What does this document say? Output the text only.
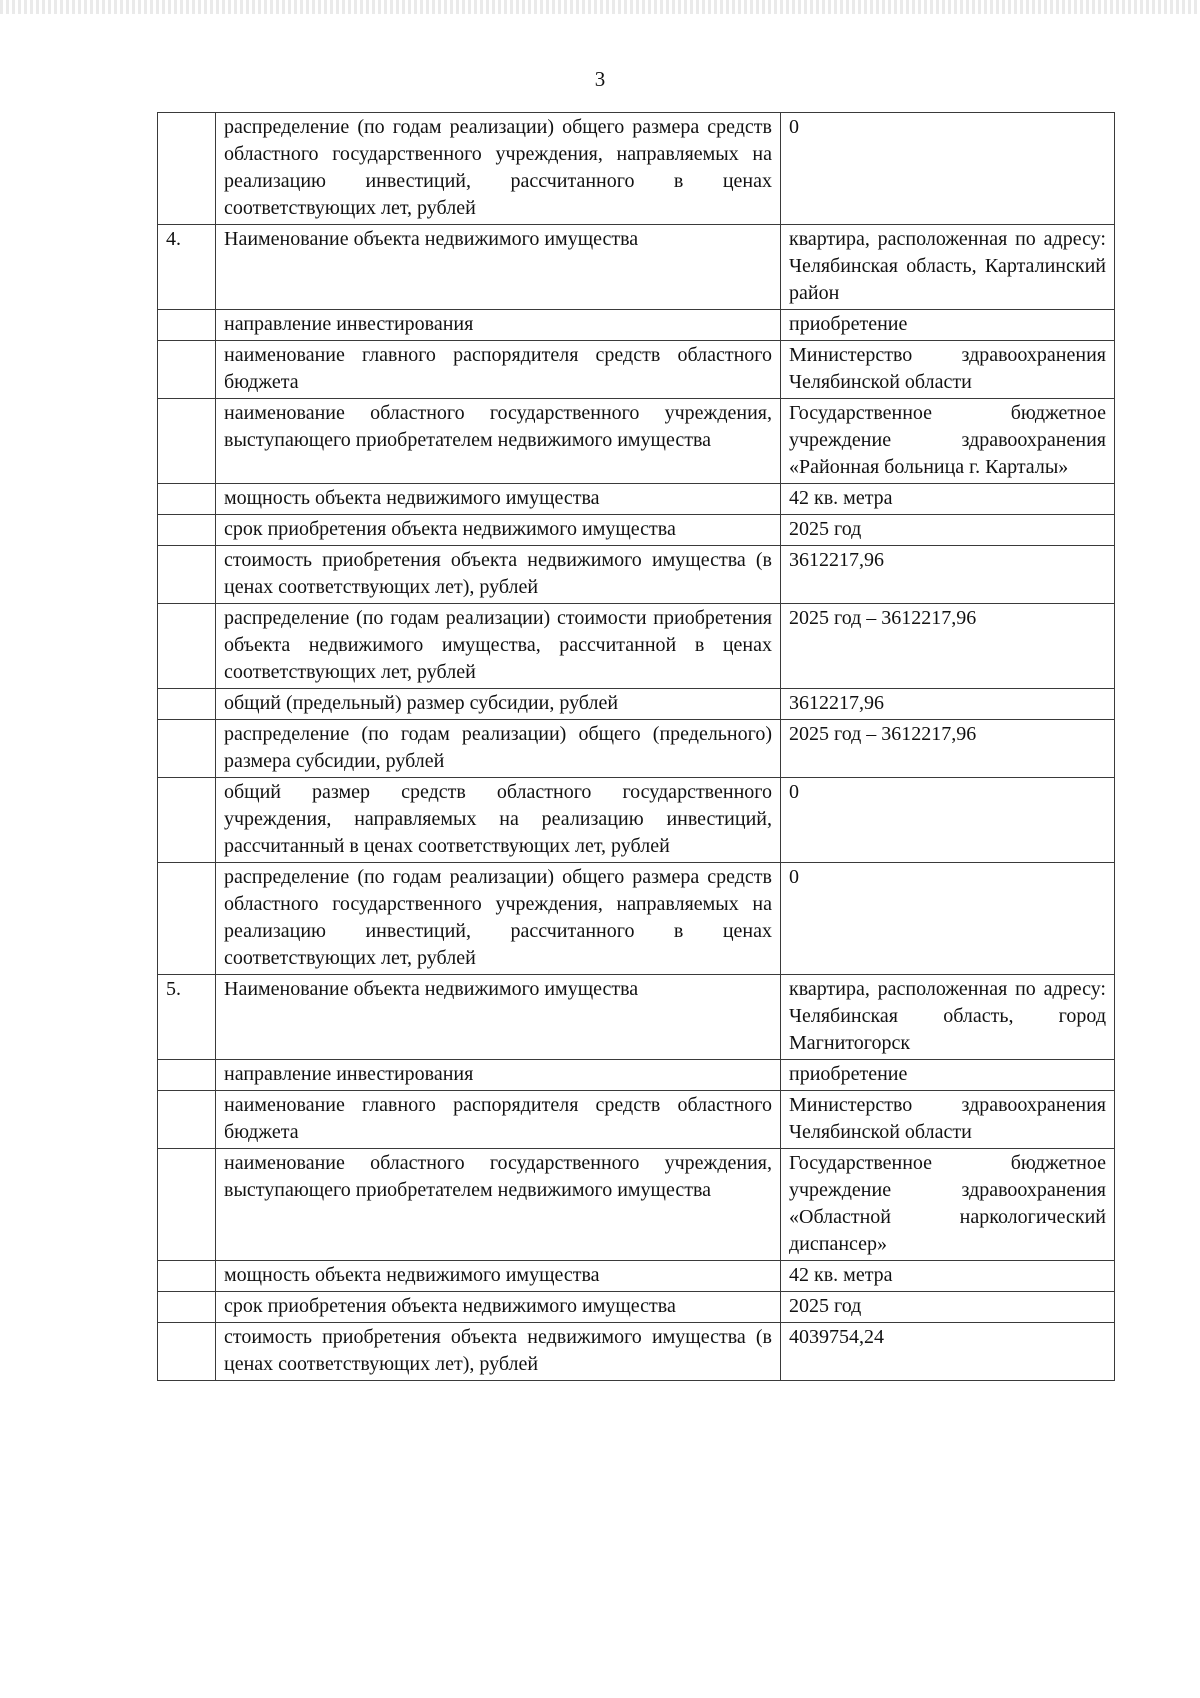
3
	распределение (по годам реализации) общего размера средств областного государственного учреждения, направляемых на реализацию инвестиций, рассчитанного в ценах соответствующих лет, рублей	0
4.	Наименование объекта недвижимого имущества	квартира, расположенная по адресу: Челябинская область, Карталинский район
	направление инвестирования	приобретение
	наименование главного распорядителя средств областного бюджета	Министерство здравоохранения Челябинской области
	наименование областного государственного учреждения, выступающего приобретателем недвижимого имущества	Государственное бюджетное учреждение здравоохранения «Районная больница г. Карталы»
	мощность объекта недвижимого имущества	42 кв. метра
	срок приобретения объекта недвижимого имущества	2025 год
	стоимость приобретения объекта недвижимого имущества (в ценах соответствующих лет), рублей	3612217,96
	распределение (по годам реализации) стоимости приобретения объекта недвижимого имущества, рассчитанной в ценах соответствующих лет, рублей	2025 год – 3612217,96
	общий (предельный) размер субсидии, рублей	3612217,96
	распределение (по годам реализации) общего (предельного) размера субсидии, рублей	2025 год – 3612217,96
	общий размер средств областного государственного учреждения, направляемых на реализацию инвестиций, рассчитанный в ценах соответствующих лет, рублей	0
	распределение (по годам реализации) общего размера средств областного государственного учреждения, направляемых на реализацию инвестиций, рассчитанного в ценах соответствующих лет, рублей	0
5.	Наименование объекта недвижимого имущества	квартира, расположенная по адресу: Челябинская область, город Магнитогорск
	направление инвестирования	приобретение
	наименование главного распорядителя средств областного бюджета	Министерство здравоохранения Челябинской области
	наименование областного государственного учреждения, выступающего приобретателем недвижимого имущества	Государственное бюджетное учреждение здравоохранения «Областной наркологический диспансер»
	мощность объекта недвижимого имущества	42 кв. метра
	срок приобретения объекта недвижимого имущества	2025 год
	стоимость приобретения объекта недвижимого имущества (в ценах соответствующих лет), рублей	4039754,24
